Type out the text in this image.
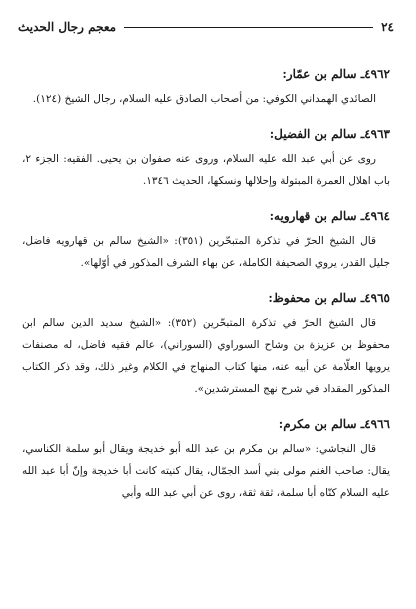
٢٤
معجم رجال الحديث

٤٩٦٢ـ سالم بن عمّار:

الصائدي الهمداني الكوفي: من أصحاب الصادق عليه السلام، رجال الشيخ (١٢٤).

٤٩٦٣ـ سالم بن الفضيل:

روى عن أبي عبد الله عليه السلام، وروى عنه صفوان بن يحيى. الفقيه: الجزء ٢، باب اهلال العمرة المبتولة وإحلالها ونسكها، الحديث ١٣٤٦.

٤٩٦٤ـ سالم بن قهارويه:

قال الشيخ الحرّ في تذكرة المتبحّرين (٣٥١): «الشيخ سالم بن قهارويه فاضل، جليل القدر، يروي الصحيفة الكاملة، عن بهاء الشرف المذكور في أوّلها».

٤٩٦٥ـ سالم بن محفوظ:

قال الشيخ الحرّ في تذكرة المتبحّرين (٣٥٢): «الشيخ سديد الدين سالم ابن محفوظ بن عزيزة بن وشاح السوراوي (السوراني)، عالم فقيه فاضل، له مصنفات يرويها العلّامة عن أبيه عنه، منها كتاب المنهاج في الكلام وغير ذلك، وقد ذكر الكتاب المذكور المقداد في شرح نهج المسترشدين».

٤٩٦٦ـ سالم بن مكرم:

قال النجاشي: «سالم بن مكرم بن عبد الله أبو خديجة ويقال أبو سلمة الكناسي، يقال: صاحب الغنم مولى بني أسد الجمّال، يقال كنيته كانت أبا خديجة وإنّ أبا عبد الله عليه السلام كنّاه أبا سلمة، ثقة ثقة، روى عن أبي عبد الله وأبي
